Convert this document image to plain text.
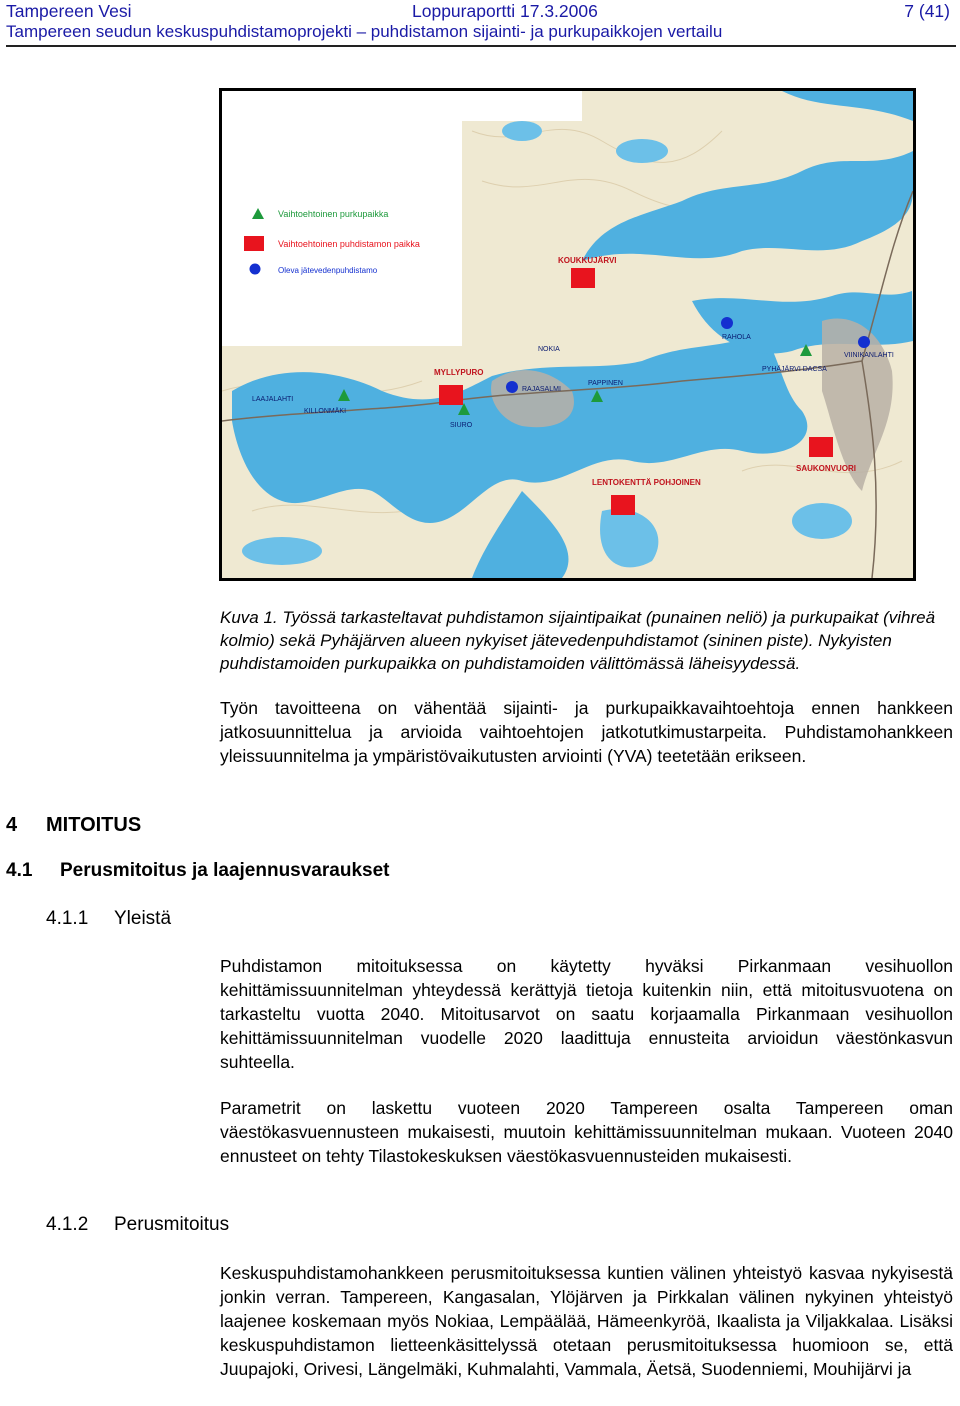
Tampereen Vesi	Loppuraportti 17.3.2006	7 (41)
Tampereen seudun keskuspuhdistamoprojekti – puhdistamon sijainti- ja purkupaikkojen vertailu
Vaihtoehtoinen purkupaikka
Vaihtoehtoinen puhdistamon paikka
Oleva jätevedenpuhdistamo
KOUKKUJÄRVI
MYLLYPURO
LENTOKENTTÄ POHJOINEN
SAUKONVUORI
RAHOLA
VIINIKANLAHTI
RAJASALMI
KILLONMÄKI
SIURO
PAPPINEN
LAAJALAHTI
PYHÄJÄRVI DACSA
NOKIA
Kuva 1. Työssä tarkasteltavat puhdistamon sijaintipaikat (punainen neliö) ja purkupaikat (vihreä kolmio) sekä Pyhäjärven alueen nykyiset jätevedenpuhdistamot (sininen piste). Nykyisten puhdistamoiden purkupaikka on puhdistamoiden välittömässä läheisyydessä.
Työn tavoitteena on vähentää sijainti- ja purkupaikkavaihtoehtoja ennen hankkeen jatkosuunnittelua ja arvioida vaihtoehtojen jatkotutkimustarpeita. Puhdistamohankkeen yleissuunnitelma ja ympäristövaikutusten arviointi (YVA) teetetään erikseen.
4 MITOITUS
4.1 Perusmitoitus ja laajennusvaraukset
4.1.1 Yleistä
Puhdistamon mitoituksessa on käytetty hyväksi Pirkanmaan vesihuollon kehittämissuunnitelman yhteydessä kerättyjä tietoja kuitenkin niin, että mitoitusvuotena on tarkasteltu vuotta 2040. Mitoitusarvot on saatu korjaamalla Pirkanmaan vesihuollon kehittämissuunnitelman vuodelle 2020 laadittuja ennusteita arvioidun väestönkasvun suhteella.
Parametrit on laskettu vuoteen 2020 Tampereen osalta Tampereen oman väestökasvuennusteen mukaisesti, muutoin kehittämissuunnitelman mukaan. Vuoteen 2040 ennusteet on tehty Tilastokeskuksen väestökasvuennusteiden mukaisesti.
4.1.2 Perusmitoitus
Keskuspuhdistamohankkeen perusmitoituksessa kuntien välinen yhteistyö kasvaa nykyisestä jonkin verran. Tampereen, Kangasalan, Ylöjärven ja Pirkkalan välinen nykyinen yhteistyö laajenee koskemaan myös Nokiaa, Lempäälää, Hämeenkyröä, Ikaalista ja Viljakkalaa. Lisäksi keskuspuhdistamon lietteenkäsittelyssä otetaan perusmitoituksessa huomioon se, että Juupajoki, Orivesi, Längelmäki, Kuhmalahti, Vammala, Äetsä, Suodenniemi, Mouhijärvi ja
